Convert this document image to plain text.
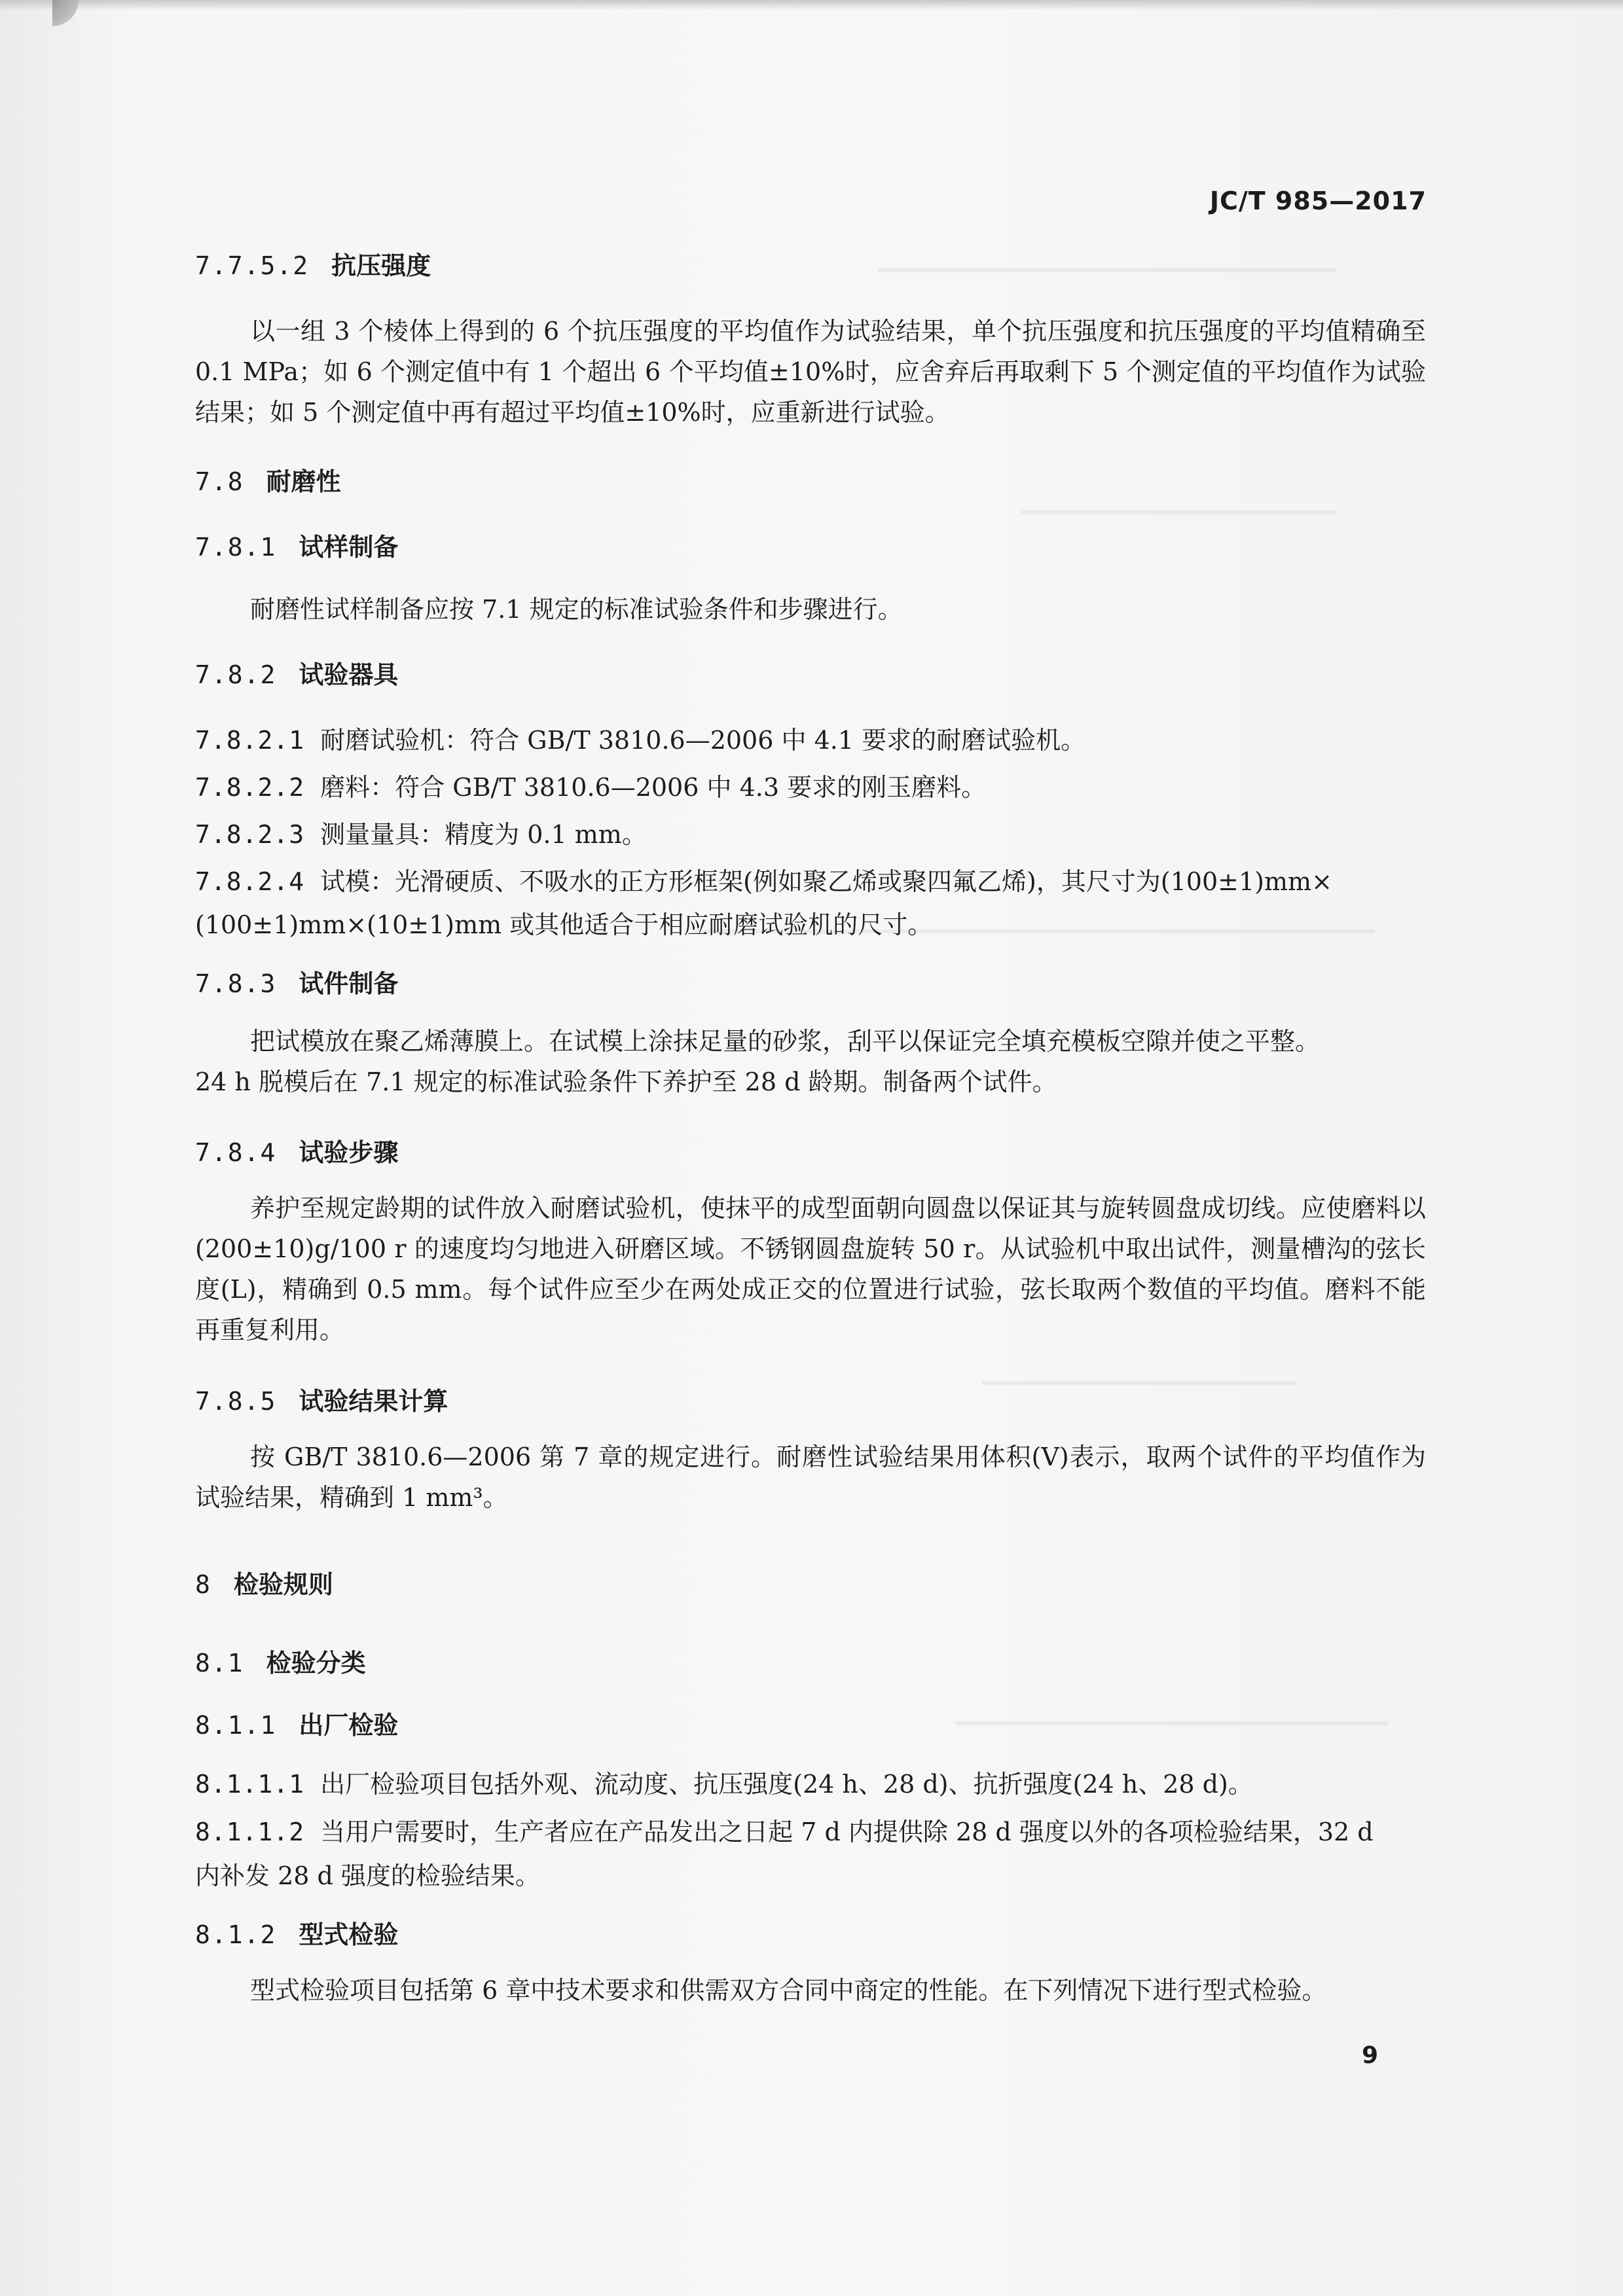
JC/T 985—2017
7.7.5.2 抗压强度
以一组 3 个棱体上得到的 6 个抗压强度的平均值作为试验结果，单个抗压强度和抗压强度的平均值精确至 0.1 MPa；如 6 个测定值中有 1 个超出 6 个平均值±10%时，应舍弃后再取剩下 5 个测定值的平均值作为试验结果；如 5 个测定值中再有超过平均值±10%时，应重新进行试验。
7.8 耐磨性
7.8.1 试样制备
耐磨性试样制备应按 7.1 规定的标准试验条件和步骤进行。
7.8.2 试验器具
7.8.2.1 耐磨试验机：符合 GB/T 3810.6—2006 中 4.1 要求的耐磨试验机。
7.8.2.2 磨料：符合 GB/T 3810.6—2006 中 4.3 要求的刚玉磨料。
7.8.2.3 测量量具：精度为 0.1 mm。
7.8.2.4 试模：光滑硬质、不吸水的正方形框架(例如聚乙烯或聚四氟乙烯)，其尺寸为(100±1)mm×
(100±1)mm×(10±1)mm 或其他适合于相应耐磨试验机的尺寸。
7.8.3 试件制备
把试模放在聚乙烯薄膜上。在试模上涂抹足量的砂浆，刮平以保证完全填充模板空隙并使之平整。
24 h 脱模后在 7.1 规定的标准试验条件下养护至 28 d 龄期。制备两个试件。
7.8.4 试验步骤
养护至规定龄期的试件放入耐磨试验机，使抹平的成型面朝向圆盘以保证其与旋转圆盘成切线。应使磨料以(200±10)g/100 r 的速度均匀地进入研磨区域。不锈钢圆盘旋转 50 r。从试验机中取出试件，测量槽沟的弦长度(L)，精确到 0.5 mm。每个试件应至少在两处成正交的位置进行试验，弦长取两个数值的平均值。磨料不能再重复利用。
7.8.5 试验结果计算
按 GB/T 3810.6—2006 第 7 章的规定进行。耐磨性试验结果用体积(V)表示，取两个试件的平均值作为试验结果，精确到 1 mm³。
8 检验规则
8.1 检验分类
8.1.1 出厂检验
8.1.1.1 出厂检验项目包括外观、流动度、抗压强度(24 h、28 d)、抗折强度(24 h、28 d)。
8.1.1.2 当用户需要时，生产者应在产品发出之日起 7 d 内提供除 28 d 强度以外的各项检验结果，32 d
内补发 28 d 强度的检验结果。
8.1.2 型式检验
型式检验项目包括第 6 章中技术要求和供需双方合同中商定的性能。在下列情况下进行型式检验。
9
